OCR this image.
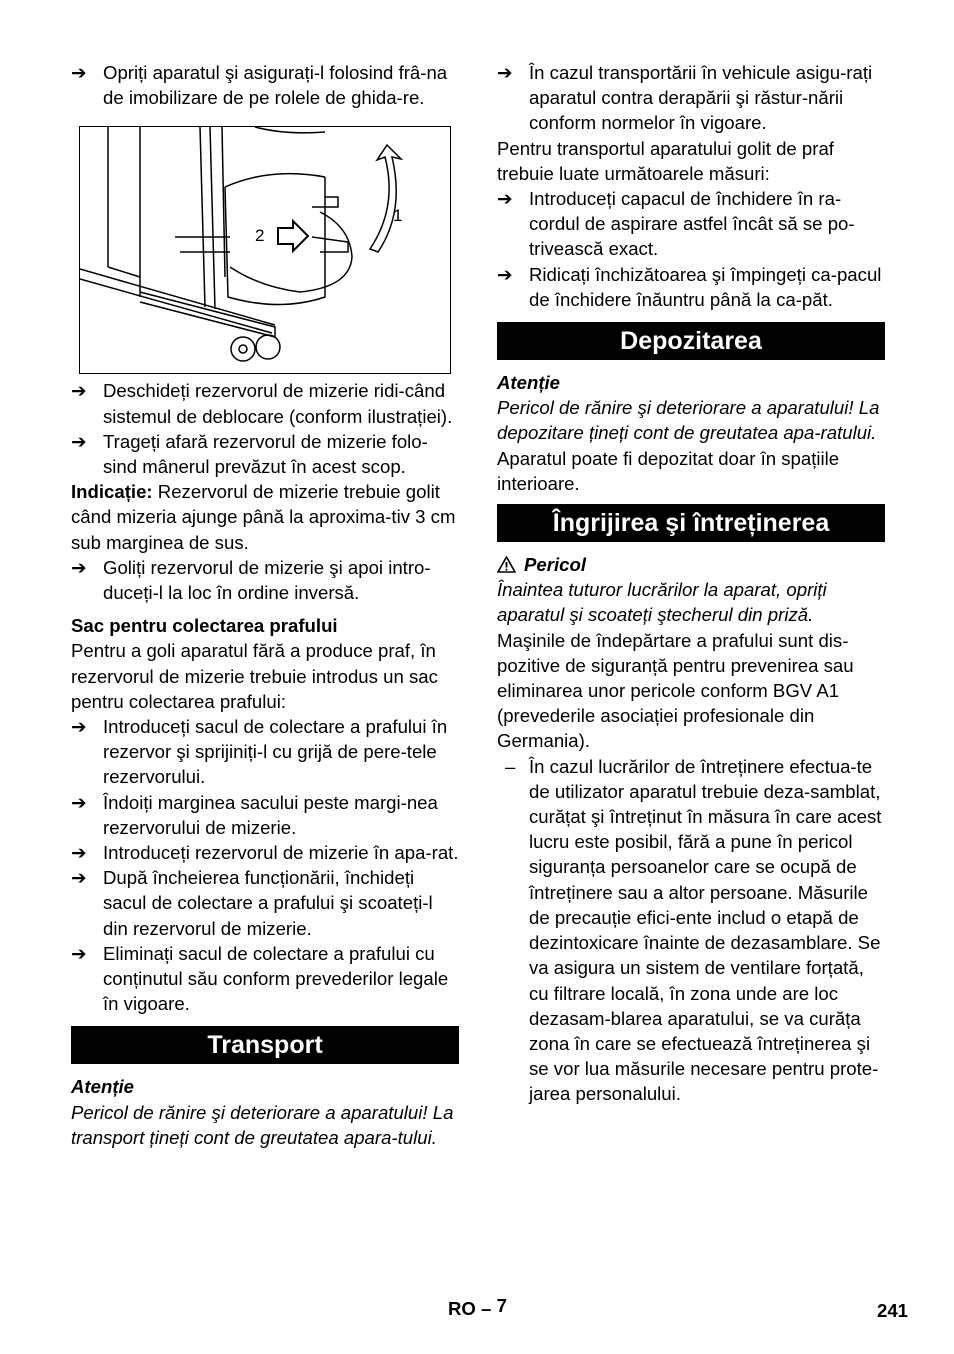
➔ Opriți aparatul şi asigurați-l folosind frâ-na de imobilizare de pe rolele de ghida-re.

1
2

➔ Deschideți rezervorul de mizerie ridi-când sistemul de deblocare (conform ilustrației).

➔ Trageți afară rezervorul de mizerie folo-sind mânerul prevăzut în acest scop.

Indicație: Rezervorul de mizerie trebuie golit când mizeria ajunge până la aproxima-tiv 3 cm sub marginea de sus.

➔ Goliți rezervorul de mizerie şi apoi intro-duceți-l la loc în ordine inversă.

Sac pentru colectarea prafului

Pentru a goli aparatul fără a produce praf, în rezervorul de mizerie trebuie introdus un sac pentru colectarea prafului:

➔ Introduceți sacul de colectare a prafului în rezervor şi sprijiniți-l cu grijă de pere-tele rezervorului.

➔ Îndoiți marginea sacului peste margi-nea rezervorului de mizerie.

➔ Introduceți rezervorul de mizerie în apa-rat.

➔ După încheierea funcționării, închideți sacul de colectare a prafului şi scoateți-l din rezervorul de mizerie.

➔ Eliminați sacul de colectare a prafului cu conținutul său conform prevederilor legale în vigoare.

Transport

Atenție

Pericol de rănire şi deteriorare a aparatului! La transport țineți cont de greutatea apara-tului.

➔ În cazul transportării în vehicule asigu-rați aparatul contra derapării şi răstur-nării conform normelor în vigoare.

Pentru transportul aparatului golit de praf trebuie luate următoarele măsuri:

➔ Introduceți capacul de închidere în ra-cordul de aspirare astfel încât să se po-trivească exact.

➔ Ridicați închizătoarea şi împingeți ca-pacul de închidere înăuntru până la ca-păt.

Depozitarea

Atenție

Pericol de rănire şi deteriorare a aparatului! La depozitare țineți cont de greutatea apa-ratului.

Aparatul poate fi depozitat doar în spațiile interioare.

Îngrijirea şi întreținerea

Pericol

Înaintea tuturor lucrărilor la aparat, opriți aparatul şi scoateți ştecherul din priză.

Maşinile de îndepărtare a prafului sunt dis-pozitive de siguranță pentru prevenirea sau eliminarea unor pericole conform BGV A1 (prevederile asociației profesionale din Germania).

– În cazul lucrărilor de întreținere efectua-te de utilizator aparatul trebuie deza-samblat, curățat şi întreținut în măsura în care acest lucru este posibil, fără a pune în pericol siguranța persoanelor care se ocupă de întreținere sau a altor persoane. Măsurile de precauție efici-ente includ o etapă de dezintoxicare înainte de dezasamblare. Se va asigura un sistem de ventilare forțată, cu filtrare locală, în zona unde are loc dezasam-blarea aparatului, se va curăța zona în care se efectuează întreținerea şi se vor lua măsurile necesare pentru prote-jarea personalului.

RO – 7	241
